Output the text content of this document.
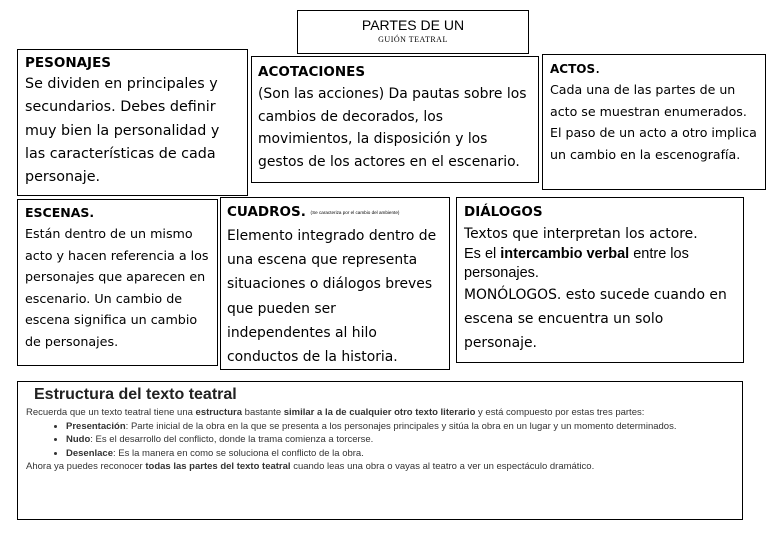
PARTES DE UN
GUIÓN TEATRAL
PESONAJES
Se dividen en principales y secundarios. Debes definir muy bien la personalidad y las características de cada personaje.
ACOTACIONES
(Son las acciones) Da pautas sobre los cambios de decorados, los movimientos, la disposición y los gestos de los actores en el escenario.
ACTOS.
Cada una de las partes de un acto se muestran enumerados. El paso de un acto a otro implica un cambio en la escenografía.
ESCENAS.
Están dentro de un mismo acto y hacen referencia a los personajes que aparecen en escenario. Un cambio de escena significa un cambio de personajes.
CUADROS. (Se caracteriza por el cambio del ambiente)
Elemento integrado dentro de una escena que representa situaciones o diálogos breves que pueden ser independentes al hilo conductos de la historia.
DIÁLOGOS
Textos que interpretan los actore.
Es el intercambio verbal entre los personajes.
MONÓLOGOS. esto sucede cuando en escena se encuentra un solo personaje.
Estructura del texto teatral
Recuerda que un texto teatral tiene una estructura bastante similar a la de cualquier otro texto literario y está compuesto por estas tres partes:
• Presentación: Parte inicial de la obra en la que se presenta a los personajes principales y sitúa la obra en un lugar y un momento determinados.
• Nudo: Es el desarrollo del conflicto, donde la trama comienza a torcerse.
• Desenlace: Es la manera en como se soluciona el conflicto de la obra.
Ahora ya puedes reconocer todas las partes del texto teatral cuando leas una obra o vayas al teatro a ver un espectáculo dramático.
